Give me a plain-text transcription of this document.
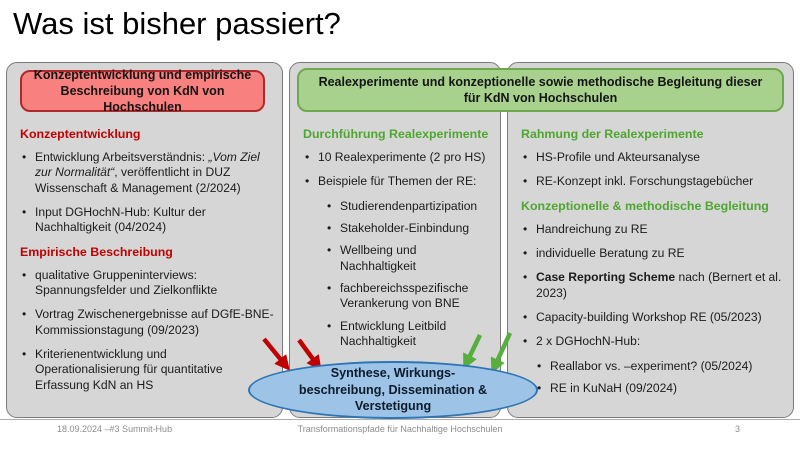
Was ist bisher passiert?
Konzeptentwicklung
• Entwicklung Arbeitsverständnis: „Vom Ziel zur Normalität“, veröffentlicht in DUZ Wissenschaft & Management (2/2024)
• Input DGHochN-Hub: Kultur der Nachhaltigkeit (04/2024)
Empirische Beschreibung
• qualitative Gruppeninterviews: Spannungsfelder und Zielkonflikte
• Vortrag Zwischenergebnisse auf DGfE-BNE-Kommissionstagung (09/2023)
• Kriterienentwicklung und Operationalisierung für quantitative Erfassung KdN an HS
Durchführung Realexperimente
• 10 Realexperimente (2 pro HS)
• Beispiele für Themen der RE:
• Studierendenpartizipation
• Stakeholder-Einbindung
• Wellbeing und Nachhaltigkeit
• fachbereichsspezifische Verankerung von BNE
• Entwicklung Leitbild Nachhaltigkeit
Rahmung der Realexperimente
• HS-Profile und Akteursanalyse
• RE-Konzept inkl. Forschungstagebücher
Konzeptionelle & methodische Begleitung
• Handreichung zu RE
• individuelle Beratung zu RE
• Case Reporting Scheme nach (Bernert et al. 2023)
• Capacity-building Workshop RE (05/2023)
• 2 x DGHochN-Hub:
• Reallabor vs. –experiment? (05/2024)
• RE in KuNaH (09/2024)
Konzeptentwicklung und empirische Beschreibung von KdN von Hochschulen
Realexperimente und konzeptionelle sowie methodische Begleitung dieser für KdN von Hochschulen
Synthese, Wirkungs-
beschreibung, Dissemination &
Verstetigung
18.09.2024 –#3 Summit-Hub	Transformationspfade für Nachhaltige Hochschulen	3
